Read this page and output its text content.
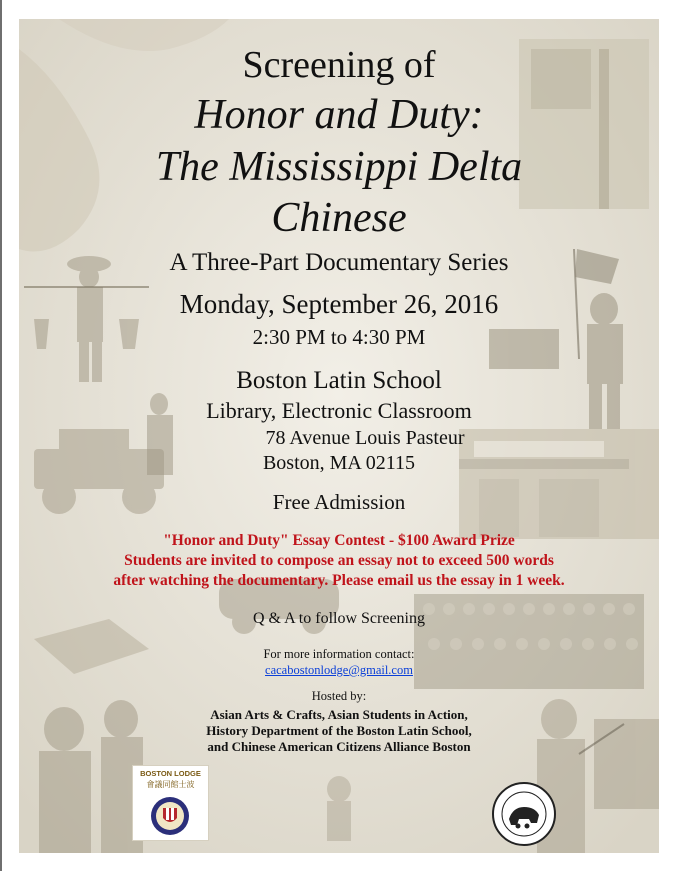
Screening of

Honor and Duty:

The Mississippi Delta

Chinese

A Three-Part Documentary Series

Monday, September 26, 2016

2:30 PM to 4:30 PM

Boston Latin School

Library, Electronic Classroom

78 Avenue Louis Pasteur

Boston, MA 02115

Free Admission

"Honor and Duty" Essay Contest - $100 Award Prize

Students are invited to compose an essay not to exceed 500 words

after watching the documentary. Please email us the essay in 1 week.

Q & A to follow Screening

For more information contact:

cacabostonlodge@gmail.com

Hosted by:

Asian Arts & Crafts, Asian Students in Action,

History Department of the Boston Latin School,

and Chinese American Citizens Alliance Boston

BOSTON LODGE
會議同館士波
